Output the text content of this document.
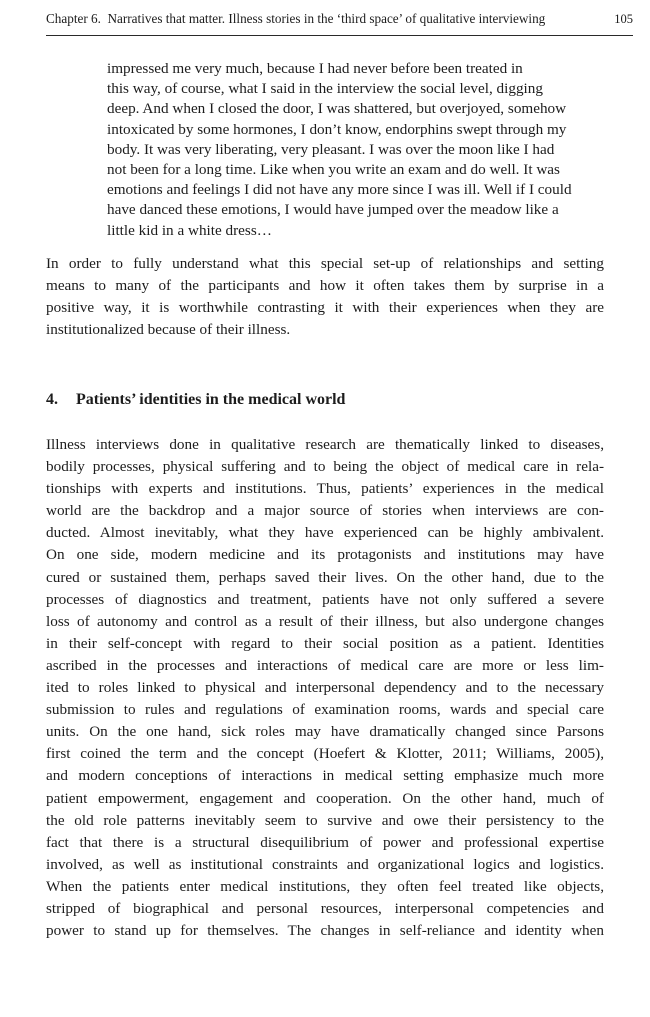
Chapter 6. Narratives that matter. Illness stories in the ‘third space’ of qualitative interviewing	105
impressed me very much, because I had never before been treated in
this way, of course, what I said in the interview the social level, digging
deep. And when I closed the door, I was shattered, but overjoyed, somehow
intoxicated by some hormones, I don’t know, endorphins swept through my
body. It was very liberating, very pleasant. I was over the moon like I had
not been for a long time. Like when you write an exam and do well. It was
emotions and feelings I did not have any more since I was ill. Well if I could
have danced these emotions, I would have jumped over the meadow like a
little kid in a white dress…

In order to fully understand what this special set-up of relationships and setting
means to many of the participants and how it often takes them by surprise in a
positive way, it is worthwhile contrasting it with their experiences when they are
institutionalized because of their illness.

4. Patients’ identities in the medical world

Illness interviews done in qualitative research are thematically linked to diseases,
bodily processes, physical suffering and to being the object of medical care in rela-
tionships with experts and institutions. Thus, patients’ experiences in the medical
world are the backdrop and a major source of stories when interviews are con-
ducted. Almost inevitably, what they have experienced can be highly ambivalent.
On one side, modern medicine and its protagonists and institutions may have
cured or sustained them, perhaps saved their lives. On the other hand, due to the
processes of diagnostics and treatment, patients have not only suffered a severe
loss of autonomy and control as a result of their illness, but also undergone changes
in their self-concept with regard to their social position as a patient. Identities
ascribed in the processes and interactions of medical care are more or less lim-
ited to roles linked to physical and interpersonal dependency and to the necessary
submission to rules and regulations of examination rooms, wards and special care
units. On the one hand, sick roles may have dramatically changed since Parsons
first coined the term and the concept (Hoefert & Klotter, 2011; Williams, 2005),
and modern conceptions of interactions in medical setting emphasize much more
patient empowerment, engagement and cooperation. On the other hand, much of
the old role patterns inevitably seem to survive and owe their persistency to the
fact that there is a structural disequilibrium of power and professional expertise
involved, as well as institutional constraints and organizational logics and logistics.
When the patients enter medical institutions, they often feel treated like objects,
stripped of biographical and personal resources, interpersonal competencies and
power to stand up for themselves. The changes in self-reliance and identity when
